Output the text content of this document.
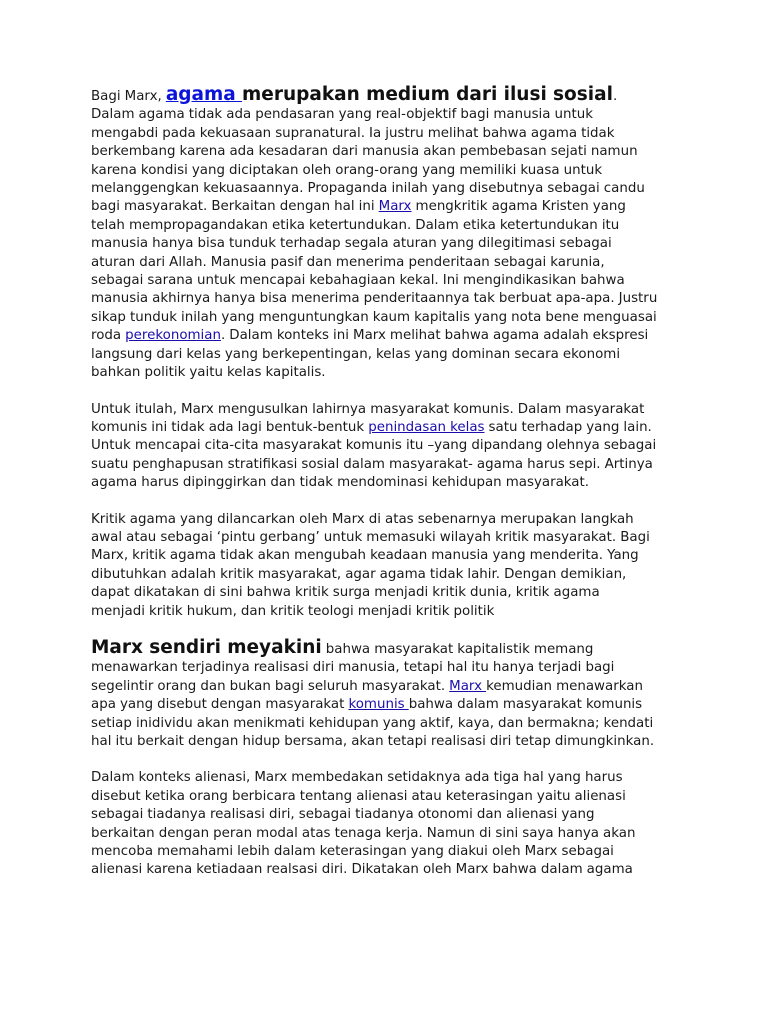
Bagi Marx, agama merupakan medium dari ilusi sosial.
Dalam agama tidak ada pendasaran yang real-objektif bagi manusia untuk
mengabdi pada kekuasaan supranatural. Ia justru melihat bahwa agama tidak
berkembang karena ada kesadaran dari manusia akan pembebasan sejati namun
karena kondisi yang diciptakan oleh orang-orang yang memiliki kuasa untuk
melanggengkan kekuasaannya. Propaganda inilah yang disebutnya sebagai candu
bagi masyarakat. Berkaitan dengan hal ini Marx mengkritik agama Kristen yang
telah mempropagandakan etika ketertundukan. Dalam etika ketertundukan itu
manusia hanya bisa tunduk terhadap segala aturan yang dilegitimasi sebagai
aturan dari Allah. Manusia pasif dan menerima penderitaan sebagai karunia,
sebagai sarana untuk mencapai kebahagiaan kekal. Ini mengindikasikan bahwa
manusia akhirnya hanya bisa menerima penderitaannya tak berbuat apa-apa. Justru
sikap tunduk inilah yang menguntungkan kaum kapitalis yang nota bene menguasai
roda perekonomian. Dalam konteks ini Marx melihat bahwa agama adalah ekspresi
langsung dari kelas yang berkepentingan, kelas yang dominan secara ekonomi
bahkan politik yaitu kelas kapitalis.

Untuk itulah, Marx mengusulkan lahirnya masyarakat komunis. Dalam masyarakat
komunis ini tidak ada lagi bentuk-bentuk penindasan kelas satu terhadap yang lain.
Untuk mencapai cita-cita masyarakat komunis itu –yang dipandang olehnya sebagai
suatu penghapusan stratifikasi sosial dalam masyarakat- agama harus sepi. Artinya
agama harus dipinggirkan dan tidak mendominasi kehidupan masyarakat.

Kritik agama yang dilancarkan oleh Marx di atas sebenarnya merupakan langkah
awal atau sebagai ‘pintu gerbang’ untuk memasuki wilayah kritik masyarakat. Bagi
Marx, kritik agama tidak akan mengubah keadaan manusia yang menderita. Yang
dibutuhkan adalah kritik masyarakat, agar agama tidak lahir. Dengan demikian,
dapat dikatakan di sini bahwa kritik surga menjadi kritik dunia, kritik agama
menjadi kritik hukum, dan kritik teologi menjadi kritik politik

Marx sendiri meyakini bahwa masyarakat kapitalistik memang
menawarkan terjadinya realisasi diri manusia, tetapi hal itu hanya terjadi bagi
segelintir orang dan bukan bagi seluruh masyarakat. Marx kemudian menawarkan
apa yang disebut dengan masyarakat komunis bahwa dalam masyarakat komunis
setiap inidividu akan menikmati kehidupan yang aktif, kaya, dan bermakna; kendati
hal itu berkait dengan hidup bersama, akan tetapi realisasi diri tetap dimungkinkan.

Dalam konteks alienasi, Marx membedakan setidaknya ada tiga hal yang harus
disebut ketika orang berbicara tentang alienasi atau keterasingan yaitu alienasi
sebagai tiadanya realisasi diri, sebagai tiadanya otonomi dan alienasi yang
berkaitan dengan peran modal atas tenaga kerja. Namun di sini saya hanya akan
mencoba memahami lebih dalam keterasingan yang diakui oleh Marx sebagai
alienasi karena ketiadaan realsasi diri. Dikatakan oleh Marx bahwa dalam agama
